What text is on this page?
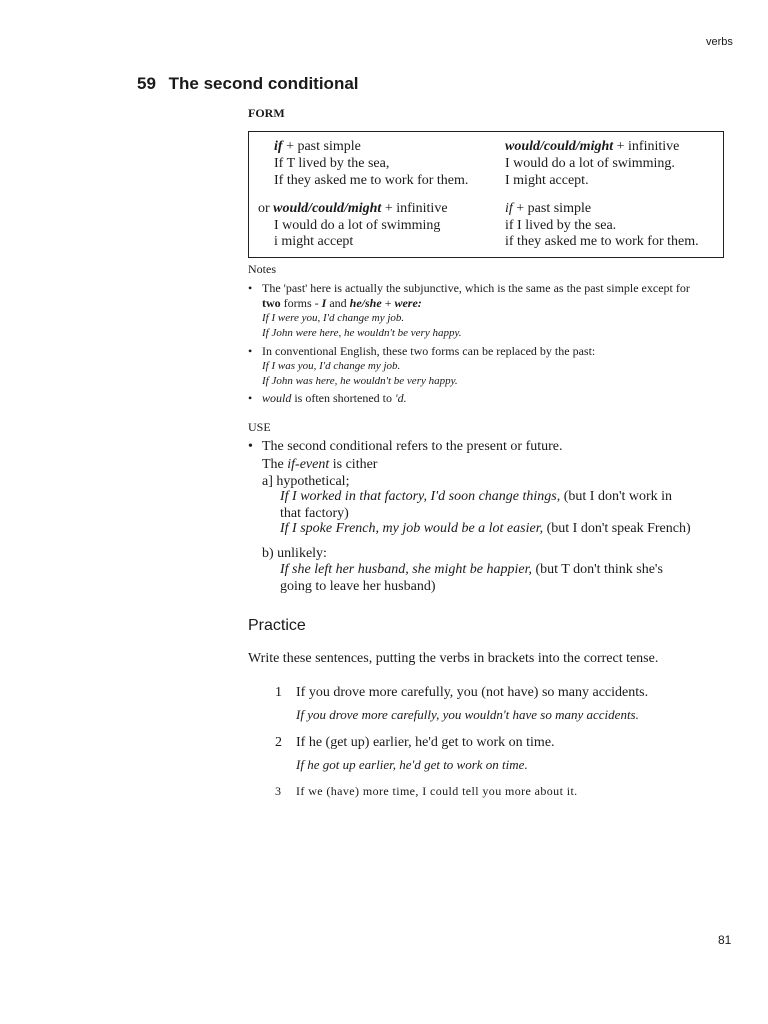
verbs
59 The second conditional
FORM
if + past simple
If T lived by the sea,
If they asked me to work for them.
would/could/might + infinitive
I would do a lot of swimming.
I might accept.
or would/could/might + infinitive
I would do a lot of swimming
i might accept
if + past simple
if I lived by the sea.
if they asked me to work for them.
Notes
• The 'past' here is actually the subjunctive, which is the same as the past simple except for
two forms - I and he/she + were:
If I were you, I'd change my job.
If John were here, he wouldn't be very happy.
• In conventional English, these two forms can be replaced by the past:
If I was you, I'd change my job.
If John was here, he wouldn't be very happy.
• would is often shortened to 'd.
USE
• The second conditional refers to the present or future.
The if-event is cither
a] hypothetical;
If I worked in that factory, I'd soon change things, (but I don't work in
that factory)
If I spoke French, my job would be a lot easier, (but I don't speak French)
b) unlikely:
If she left her husband, she might be happier, (but T don't think she's
going to leave her husband)
Practice
Write these sentences, putting the verbs in brackets into the correct tense.
1 If you drove more carefully, you (not have) so many accidents.
If you drove more carefully, you wouldn't have so many accidents.
2 If he (get up) earlier, he'd get to work on time.
If he got up earlier, he'd get to work on time.
3 If we (have) more time, I could tell you more about it.
81
